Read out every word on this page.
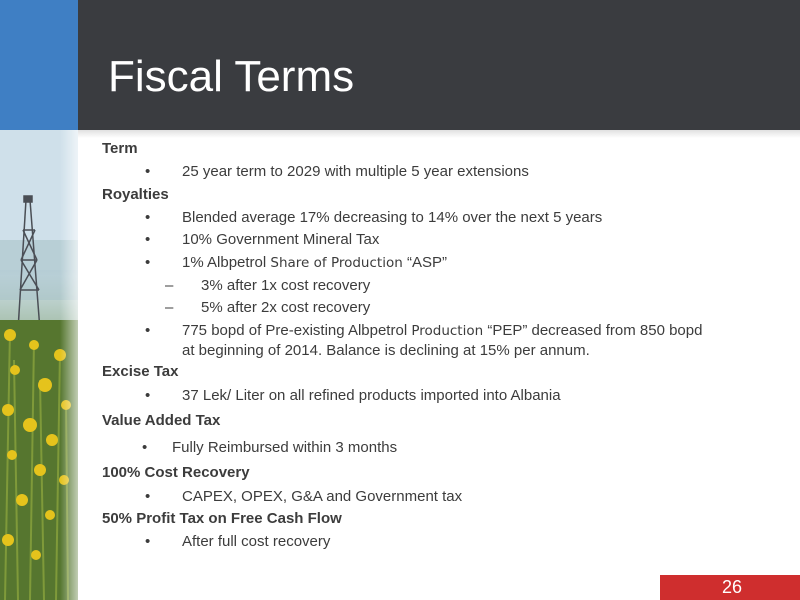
Fiscal Terms
Term
• 25 year term to 2029 with multiple 5 year extensions
Royalties
• Blended average 17% decreasing to 14% over the next 5 years
• 10% Government Mineral Tax
• 1% Albpetrol Share of Production “ASP”
– 3% after 1x cost recovery
– 5% after 2x cost recovery
• 775 bopd of Pre-existing Albpetrol Production “PEP” decreased from 850 bopd
at beginning of 2014. Balance is declining at 15% per annum.
Excise Tax
• 37 Lek/ Liter on all refined products imported into Albania
Value Added Tax
• Fully Reimbursed within 3 months
100% Cost Recovery
• CAPEX, OPEX, G&A and Government tax
50% Profit Tax on Free Cash Flow
• After full cost recovery
26
